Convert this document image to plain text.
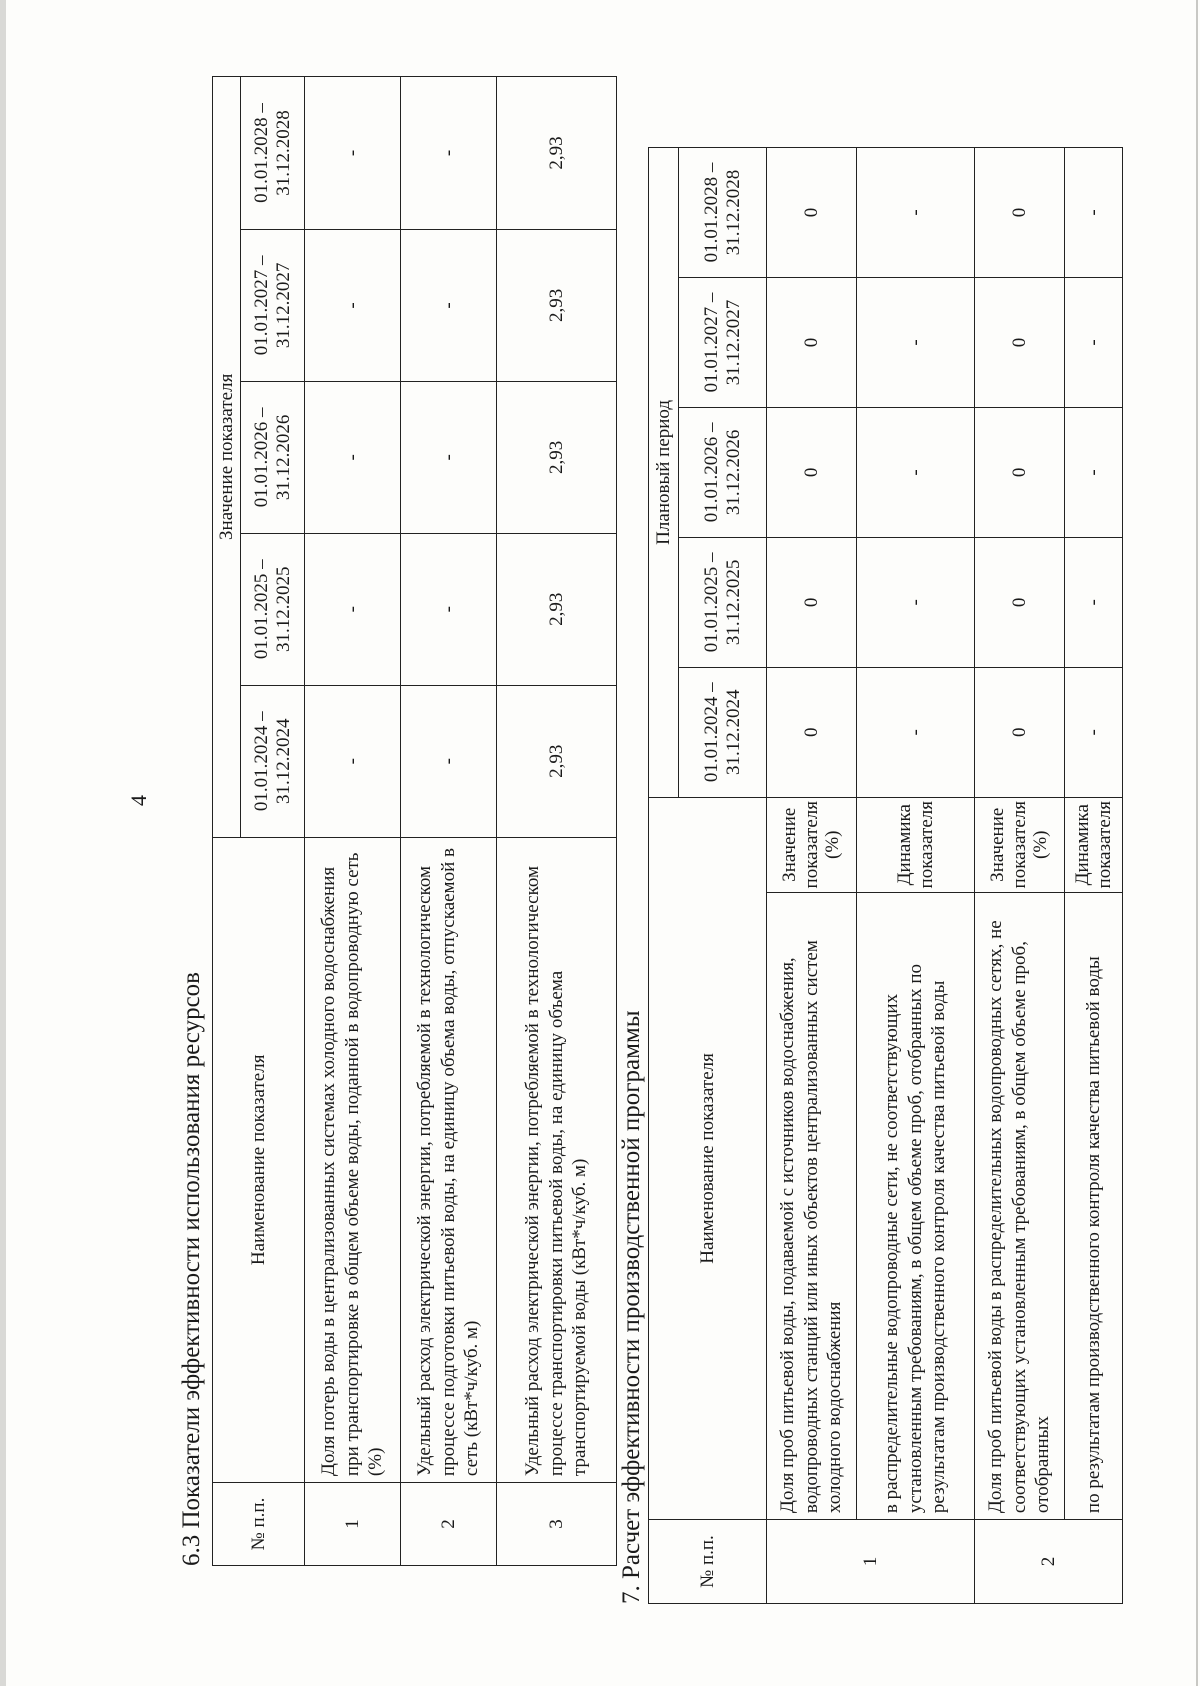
4
6.3 Показатели эффективности использования ресурсов № п.п.	Наименование показателя	Значение показателя				
		01.01.2024 – 31.12.2024	01.01.2025 – 31.12.2025	01.01.2026 – 31.12.2026	01.01.2027 – 31.12.2027	01.01.2028 – 31.12.2028
1	Доля потерь воды в централизованных системах холодного водоснабжения при транспортировке в общем объеме воды, поданной в водопроводную сеть (%)	-	-	-	-	-
2	Удельный расход электрической энергии, потребляемой в технологическом процессе подготовки питьевой воды, на единицу объема воды, отпускаемой в сеть (кВт*ч/куб. м)	-	-	-	-	-
3	Удельный расход электрической энергии, потребляемой в технологическом процессе транспортировки питьевой воды, на единицу объема транспортируемой воды (кВт*ч/куб. м)	2,93	2,93	2,93	2,93	2,93
7. Расчет эффективности производственной программы	№ п.п.	Наименование показателя		Плановый период				
			01.01.2024 – 31.12.2024	01.01.2025 – 31.12.2025	01.01.2026 – 31.12.2026	01.01.2027 – 31.12.2027	01.01.2028 – 31.12.2028
1	Доля проб питьевой воды, подаваемой с источников водоснабжения, водопроводных станций или иных объектов централизованных систем холодного водоснабжения	Значение показателя (%)	0	0	0	0	0
	в распределительные водопроводные сети, не соответствующих установленным требованиям, в общем объеме проб, отобранных по результатам производственного контроля качества питьевой воды	Динамика показателя	-	-	-	-	-
2	Доля проб питьевой воды в распределительных водопроводных сетях, не соответствующих установленным требованиям, в общем объеме проб, отобранных	Значение показателя (%)	0	0	0	0	0
	по результатам производственного контроля качества питьевой воды	Динамика показателя	-	-	-	-	-
